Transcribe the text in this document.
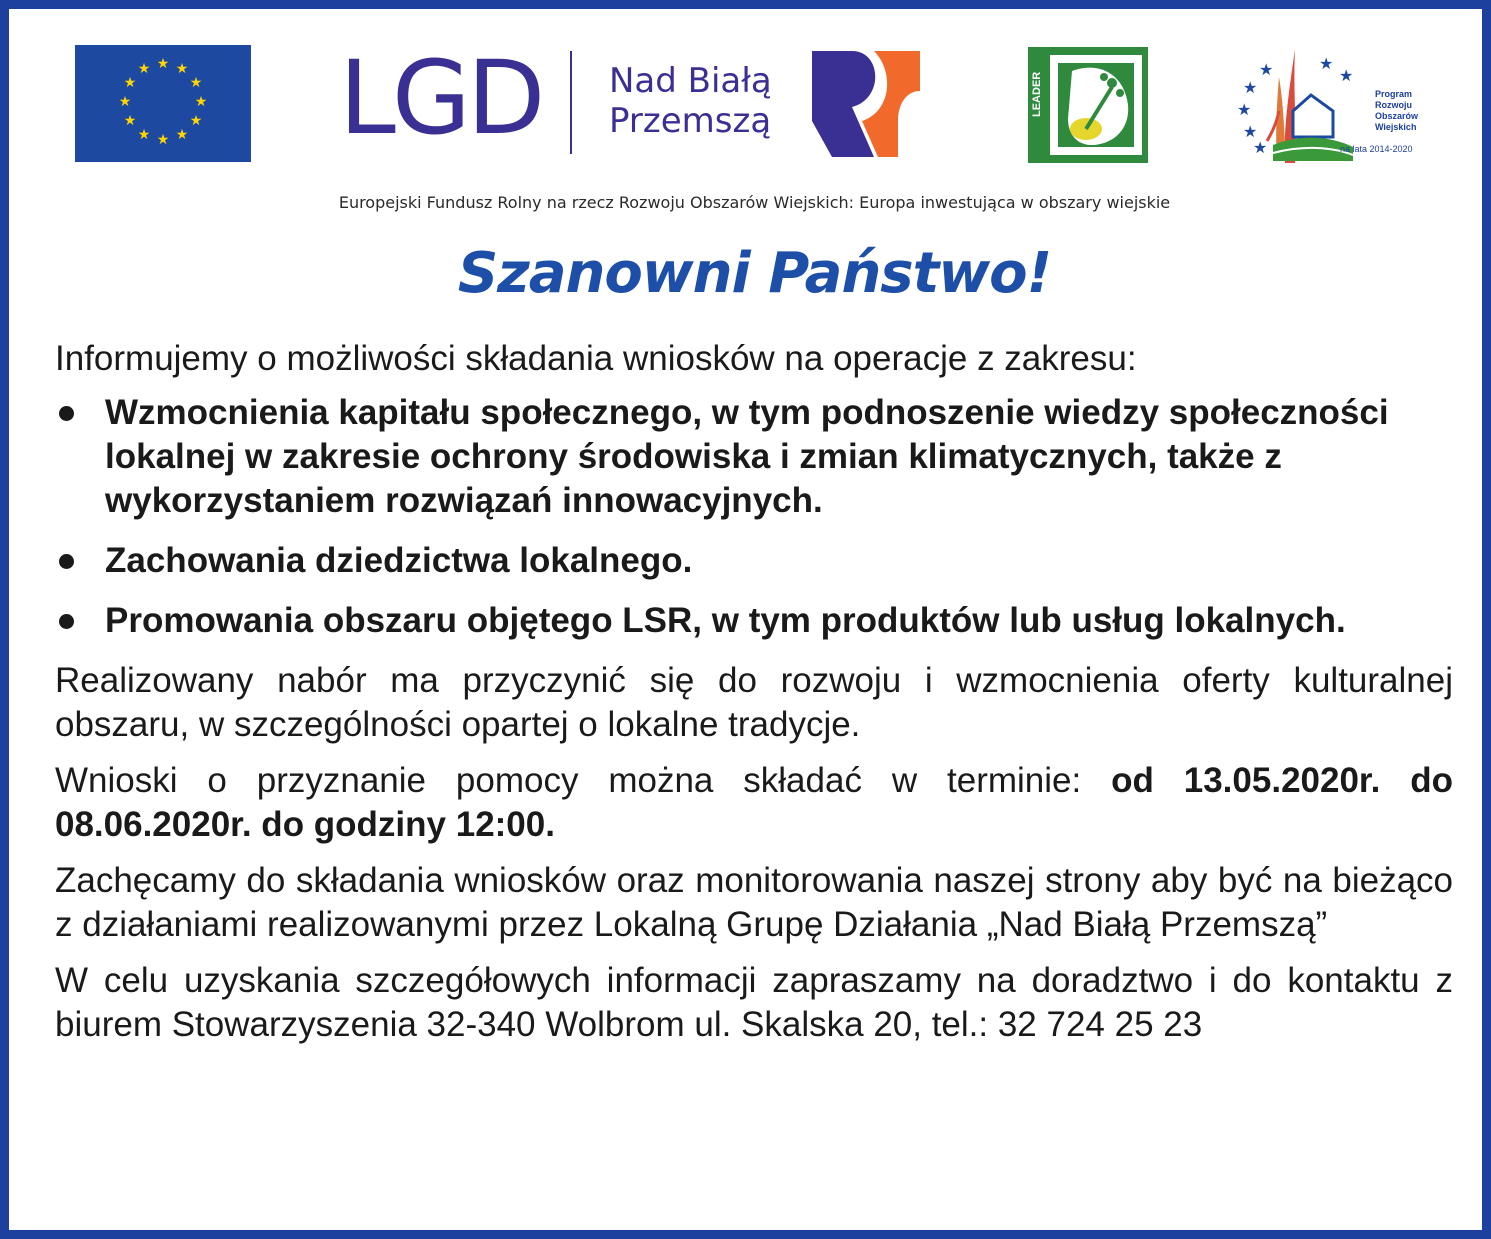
★ ★
★
★
★
★
★
★
★
★
★
★ LGD Nad Białą
Przemszą
LEADER	★
★
★
★	★
★
★
Program
Rozwoju
Obszarów
Wiejskich
na lata 2014-2020
Europejski Fundusz Rolny na rzecz Rozwoju Obszarów Wiejskich: Europa inwestująca w obszary wiejskie
Szanowni Państwo!

Informujemy o możliwości składania wniosków na operacje z zakresu:

Wzmocnienia kapitału społecznego, w tym podnoszenie wiedzy społeczności lokalnej w zakresie ochrony środowiska i zmian klimatycznych, także z wykorzystaniem rozwiązań innowacyjnych.
Zachowania dziedzictwa lokalnego.
Promowania obszaru objętego LSR, w tym produktów lub usług lokalnych.

Realizowany nabór ma przyczynić się do rozwoju i wzmocnienia oferty kulturalnej obszaru, w szczególności opartej o lokalne tradycje.

Wnioski o przyznanie pomocy można składać w terminie: od 13.05.2020r. do 08.06.2020r. do godziny 12:00.

Zachęcamy do składania wniosków oraz monitorowania naszej strony aby być na bieżąco z działaniami realizowanymi przez Lokalną Grupę Działania „Nad Białą Przemszą”

W celu uzyskania szczegółowych informacji zapraszamy na doradztwo i do kontaktu z biurem Stowarzyszenia 32-340 Wolbrom ul. Skalska 20, tel.: 32 724 25 23
